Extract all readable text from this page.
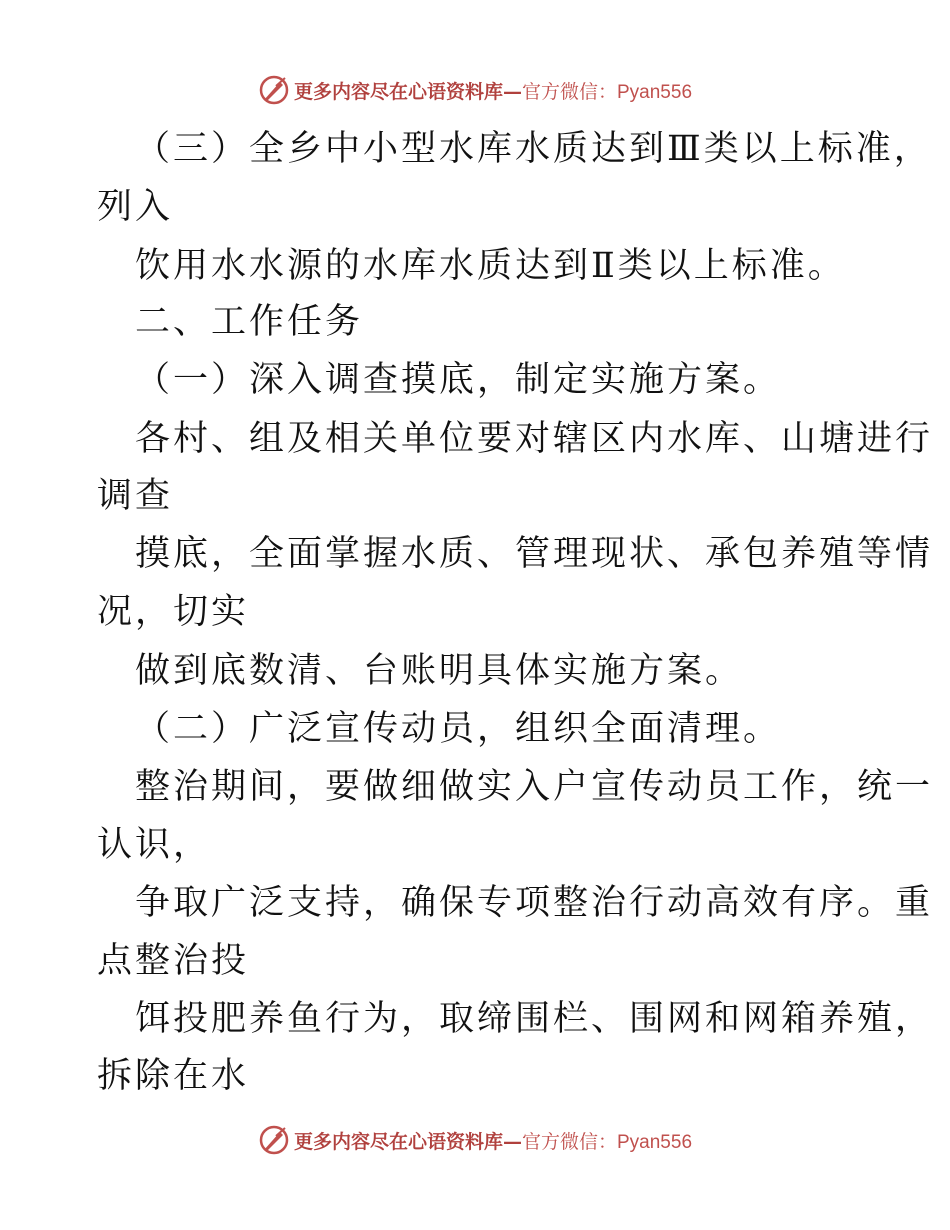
更多内容尽在心语资料库— 官方微信：Pyan556
（三）全乡中小型水库水质达到Ⅲ类以上标准，
列入
饮用水水源的水库水质达到Ⅱ类以上标准。
二、工作任务
（一）深入调查摸底，制定实施方案。
各村、组及相关单位要对辖区内水库、山塘进行
调查
摸底，全面掌握水质、管理现状、承包养殖等情
况，切实
做到底数清、台账明具体实施方案。
（二）广泛宣传动员，组织全面清理。
整治期间，要做细做实入户宣传动员工作，统一
认识，
争取广泛支持，确保专项整治行动高效有序。重
点整治投
饵投肥养鱼行为，取缔围栏、围网和网箱养殖，
拆除在水
更多内容尽在心语资料库— 官方微信：Pyan556
